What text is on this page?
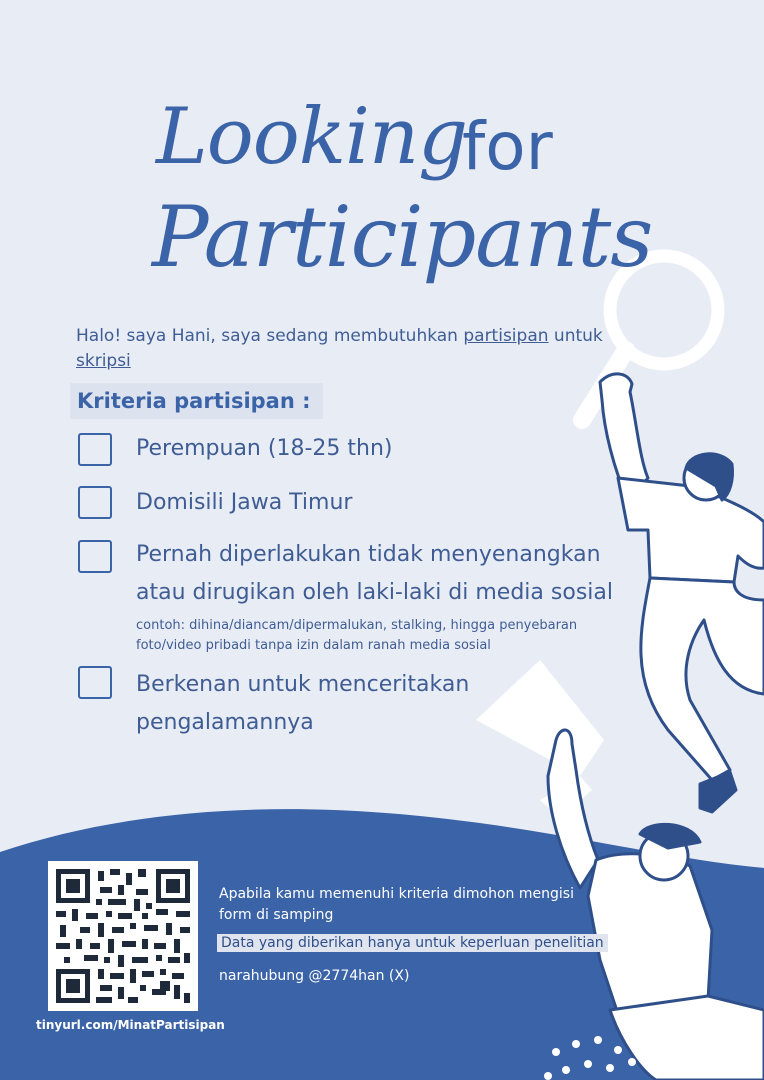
Looking
for
Participants
Halo! saya Hani, saya sedang membutuhkan partisipan untuk
skripsi
Kriteria partisipan :
Perempuan (18-25 thn)
Domisili Jawa Timur
Pernah diperlakukan tidak menyenangkan atau dirugikan oleh laki-laki di media sosial
contoh: dihina/diancam/dipermalukan, stalking, hingga penyebaran foto/video pribadi tanpa izin dalam ranah media sosial
Berkenan untuk menceritakan pengalamannya
tinyurl.com/MinatPartisipan
Apabila kamu memenuhi kriteria dimohon mengisi form di samping
Data yang diberikan hanya untuk keperluan penelitian
narahubung @2774han (X)
